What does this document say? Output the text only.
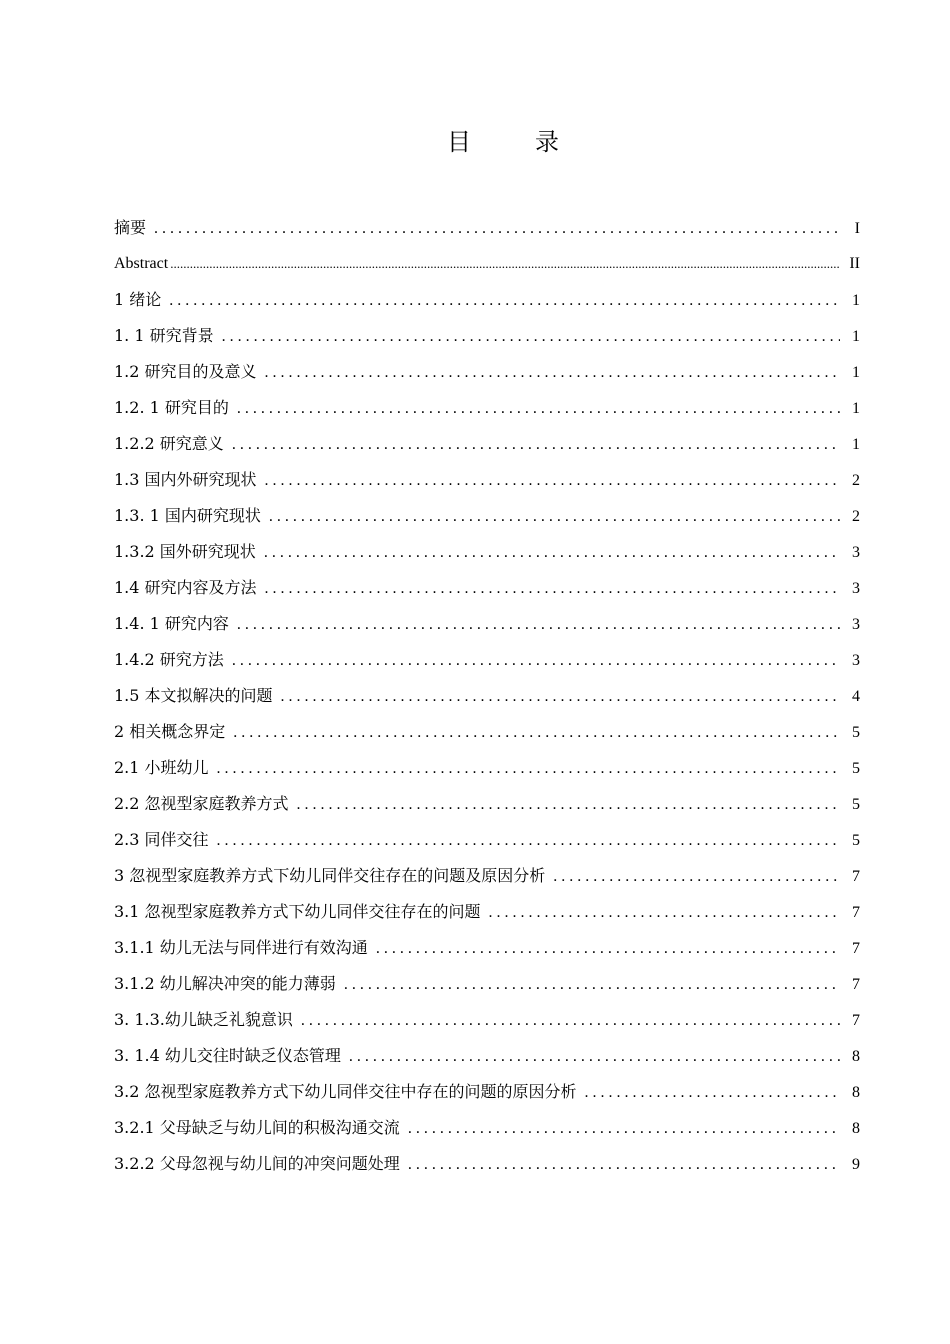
目　录
摘要 . . .	I
Abstract .....	II
1 绪论 . . .	1
1. 1 研究背景 . . .	1
1.2 研究目的及意义 . . .	1
1.2. 1 研究目的 . . .	1
1.2.2 研究意义 . . .	1
1.3 国内外研究现状 . . .	2
1.3. 1 国内研究现状 . . .	2
1.3.2 国外研究现状 . . .	3
1.4 研究内容及方法 . . .	3
1.4. 1 研究内容 . . .	3
1.4.2 研究方法 . . .	3
1.5 本文拟解决的问题 . . .	4
2 相关概念界定 . . .	5
2.1 小班幼儿 . . .	5
2.2 忽视型家庭教养方式 . . .	5
2.3 同伴交往 . . .	5
3 忽视型家庭教养方式下幼儿同伴交往存在的问题及原因分析 . . .	7
3.1 忽视型家庭教养方式下幼儿同伴交往存在的问题 . . .	7
3.1.1 幼儿无法与同伴进行有效沟通 . . .	7
3.1.2 幼儿解决冲突的能力薄弱 . . .	7
3. 1.3.幼儿缺乏礼貌意识 . . .	7
3. 1.4 幼儿交往时缺乏仪态管理 . . .	8
3.2 忽视型家庭教养方式下幼儿同伴交往中存在的问题的原因分析 . . .	8
3.2.1 父母缺乏与幼儿间的积极沟通交流 . . .	8
3.2.2 父母忽视与幼儿间的冲突问题处理 . . .	9
